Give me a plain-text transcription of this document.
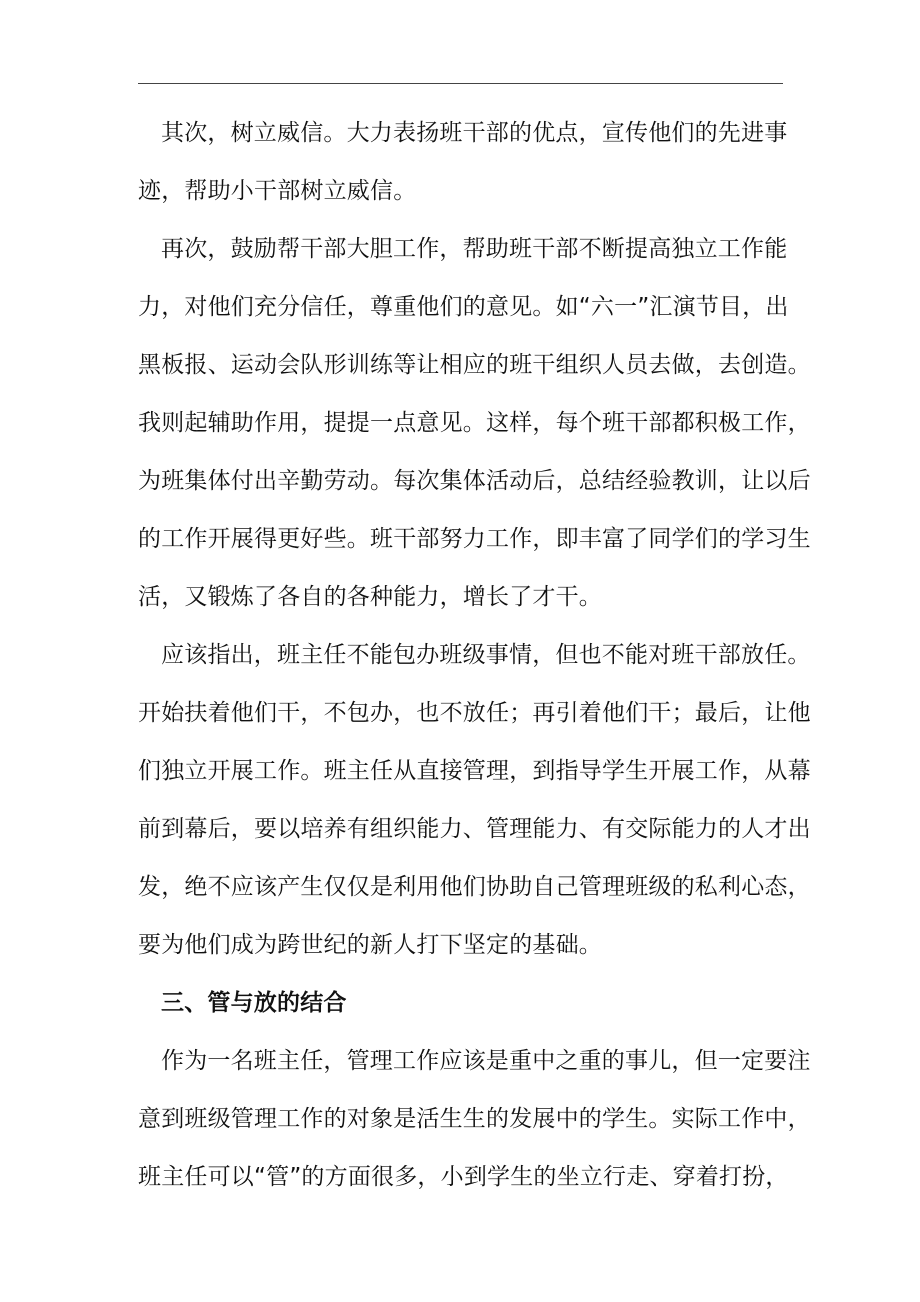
其次，树立威信。大力表扬班干部的优点，宣传他们的先进事
迹，帮助小干部树立威信。
再次，鼓励帮干部大胆工作，帮助班干部不断提高独立工作能
力，对他们充分信任，尊重他们的意见。如“六一”汇演节目，出
黑板报、运动会队形训练等让相应的班干组织人员去做，去创造。
我则起辅助作用，提提一点意见。这样，每个班干部都积极工作，
为班集体付出辛勤劳动。每次集体活动后，总结经验教训，让以后
的工作开展得更好些。班干部努力工作，即丰富了同学们的学习生
活，又锻炼了各自的各种能力，增长了才干。
应该指出，班主任不能包办班级事情，但也不能对班干部放任。
开始扶着他们干，不包办，也不放任；再引着他们干；最后，让他
们独立开展工作。班主任从直接管理，到指导学生开展工作，从幕
前到幕后，要以培养有组织能力、管理能力、有交际能力的人才出
发，绝不应该产生仅仅是利用他们协助自己管理班级的私利心态，
要为他们成为跨世纪的新人打下坚定的基础。
三、管与放的结合
作为一名班主任，管理工作应该是重中之重的事儿，但一定要注
意到班级管理工作的对象是活生生的发展中的学生。实际工作中，
班主任可以“管”的方面很多，小到学生的坐立行走、穿着打扮，
